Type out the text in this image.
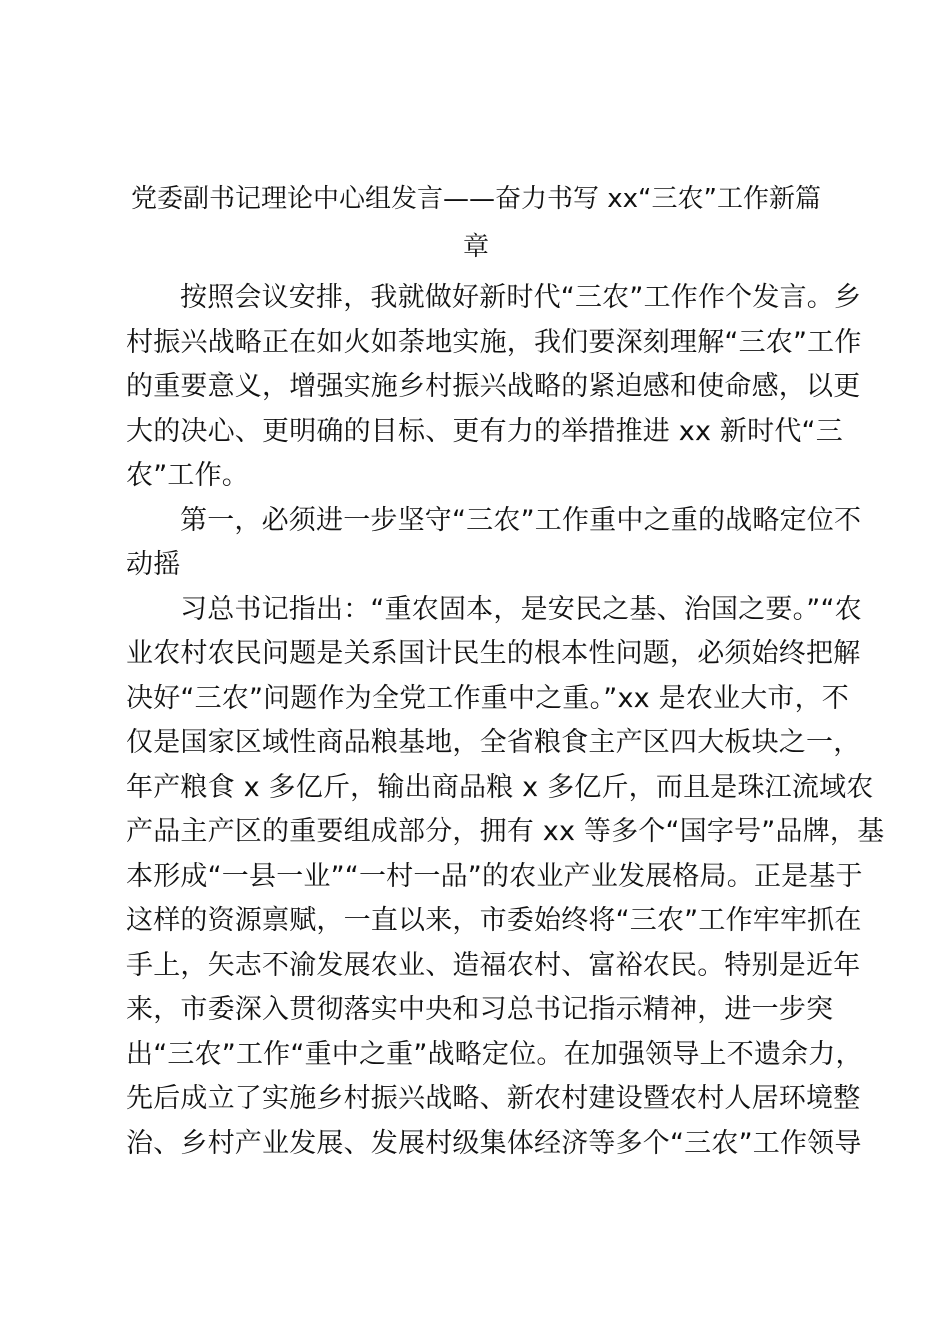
党委副书记理论中心组发言——奋力书写 xx“三农”工作新篇
章
按照会议安排，我就做好新时代“三农”工作作个发言。乡
村振兴战略正在如火如荼地实施，我们要深刻理解“三农”工作
的重要意义，增强实施乡村振兴战略的紧迫感和使命感，以更
大的决心、更明确的目标、更有力的举措推进 xx 新时代“三
农”工作。
第一，必须进一步坚守“三农”工作重中之重的战略定位不
动摇
习总书记指出：“重农固本，是安民之基、治国之要。”“农
业农村农民问题是关系国计民生的根本性问题，必须始终把解
决好“三农”问题作为全党工作重中之重。”xx 是农业大市，不
仅是国家区域性商品粮基地，全省粮食主产区四大板块之一，
年产粮食 x 多亿斤，输出商品粮 x 多亿斤，而且是珠江流域农
产品主产区的重要组成部分，拥有 xx 等多个“国字号”品牌，基
本形成“一县一业”“一村一品”的农业产业发展格局。正是基于
这样的资源禀赋，一直以来，市委始终将“三农”工作牢牢抓在
手上，矢志不渝发展农业、造福农村、富裕农民。特别是近年
来，市委深入贯彻落实中央和习总书记指示精神，进一步突
出“三农”工作“重中之重”战略定位。在加强领导上不遗余力，
先后成立了实施乡村振兴战略、新农村建设暨农村人居环境整
治、乡村产业发展、发展村级集体经济等多个“三农”工作领导
